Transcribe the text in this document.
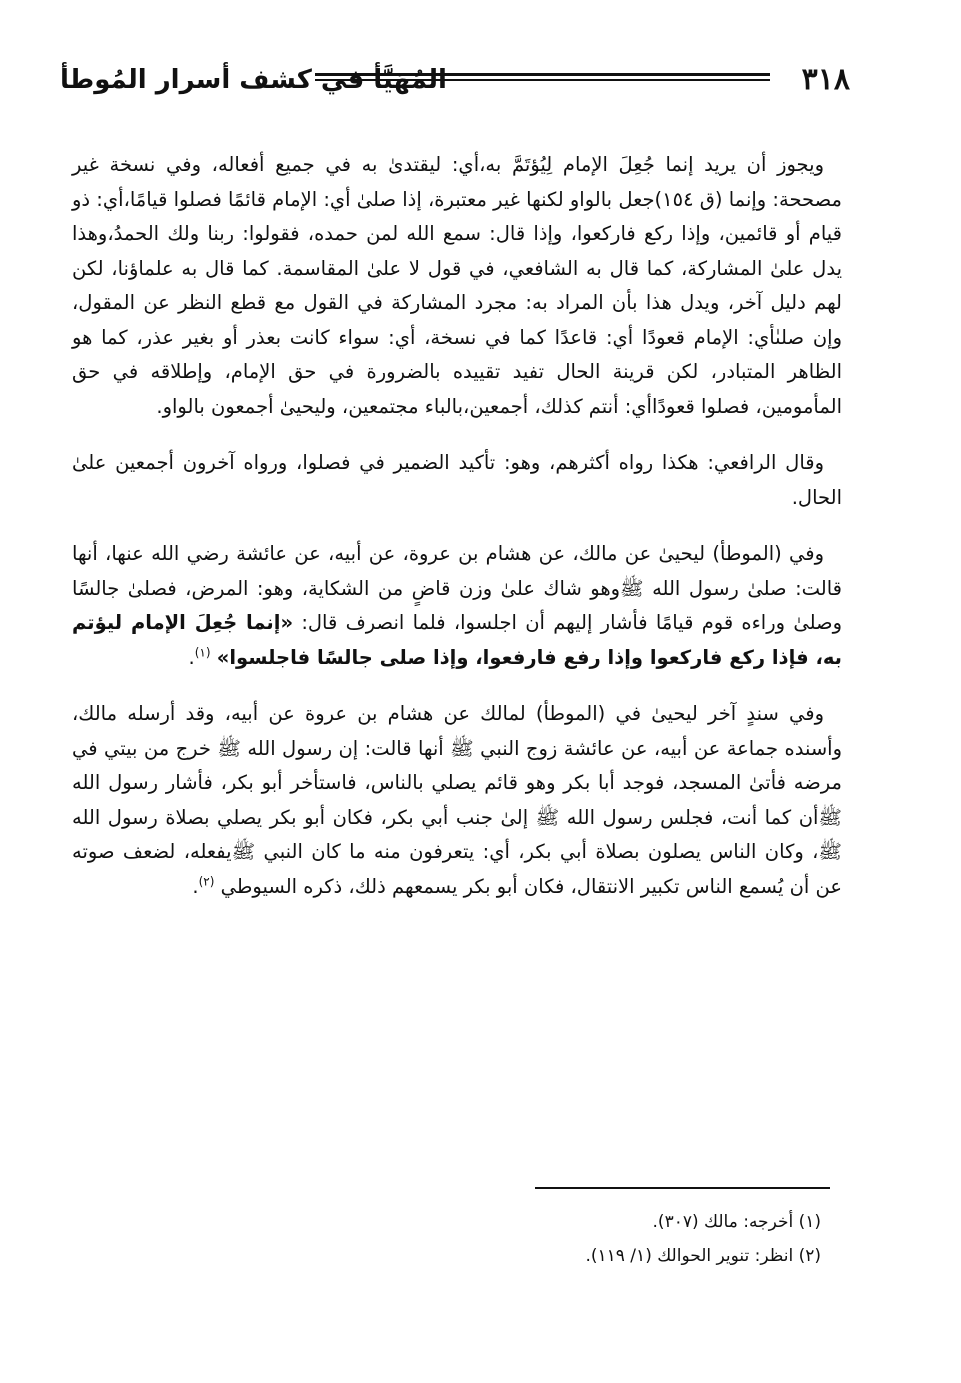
٣١٨
المُهَيَّأ في كشف أسرار المُوطأ

ويجوز أن يريد إنما جُعِلَ الإمام لِيُؤتَمَّ به،أي: ليقتدىٰ به في جميع أفعاله، وفي نسخة غير مصححة: وإنما (ق ١٥٤)جعل بالواو لكنها غير معتبرة، إذا صلىٰ أي: الإمام قائمًا فصلوا قيامًا،أي: ذو قيام أو قائمين، وإذا ركع فاركعوا، وإذا قال: سمع الله لمن حمده، فقولوا: ربنا ولك الحمدُ،وهذا يدل علىٰ المشاركة، كما قال به الشافعي، في قول لا علىٰ المقاسمة. كما قال به علماؤنا، لكن لهم دليل آخر، ويدل هذا بأن المراد به: مجرد المشاركة في القول مع قطع النظر عن المقول، وإن صلىٰأي: الإمام قعودًا أي: قاعدًا كما في نسخة، أي: سواء كانت بعذر أو بغير عذر، كما هو الظاهر المتبادر، لكن قرينة الحال تفيد تقييده بالضرورة في حق الإمام، وإطلاقه في حق المأمومين، فصلوا قعودًاأي: أنتم كذلك، أجمعين،بالباء مجتمعين، وليحيىٰ أجمعون بالواو.

وقال الرافعي: هكذا رواه أكثرهم، وهو: تأكيد الضمير في فصلوا، ورواه آخرون أجمعين علىٰ الحال.

وفي (الموطأ) ليحيىٰ عن مالك، عن هشام بن عروة، عن أبيه، عن عائشة رضي الله عنها، أنها قالت: صلىٰ رسول الله ﷺوهو شاك علىٰ وزن قاضٍ من الشكاية، وهو: المرض، فصلىٰ جالسًا وصلىٰ وراءه قوم قيامًا فأشار إليهم أن اجلسوا، فلما انصرف قال: «إنما جُعِلَ الإمام ليؤتم به، فإذا ركع فاركعوا وإذا رفع فارفعوا، وإذا صلى جالسًا فاجلسوا» $^{(١)}$.

وفي سندٍ آخر ليحيىٰ في (الموطأ) لمالك عن هشام بن عروة عن أبيه، وقد أرسله مالك، وأسنده جماعة عن أبيه، عن عائشة زوج النبي ﷺ أنها قالت: إن رسول الله ﷺ خرج من بيتي في مرضه فأتىٰ المسجد، فوجد أبا بكر وهو قائم يصلي بالناس، فاستأخر أبو بكر، فأشار رسول الله ﷺأن كما أنت، فجلس رسول الله ﷺ إلىٰ جنب أبي بكر، فكان أبو بكر يصلي بصلاة رسول الله ﷺ، وكان الناس يصلون بصلاة أبي بكر، أي: يتعرفون منه ما كان النبي ﷺيفعله، لضعف صوته عن أن يُسمع الناس تكبير الانتقال، فكان أبو بكر يسمعهم ذلك، ذكره السيوطي $^{(٢)}$.

(١) أخرجه: مالك (٣٠٧).

(٢) انظر: تنوير الحوالك (١/ ١١٩).
